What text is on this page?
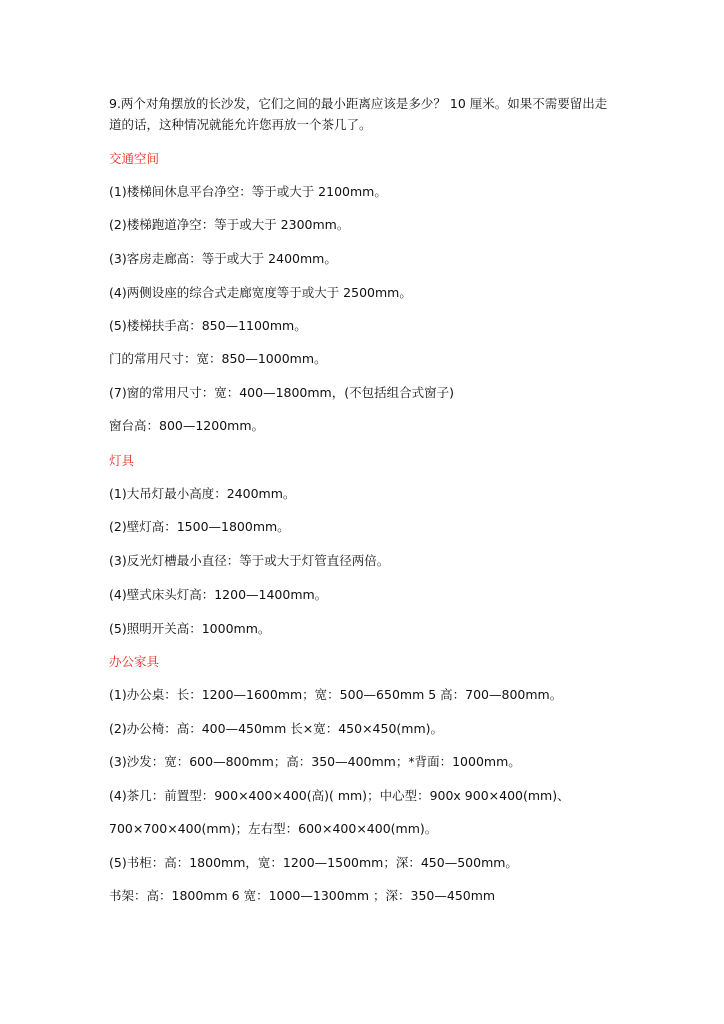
9.两个对角摆放的长沙发，它们之间的最小距离应该是多少？ 10 厘米。如果不需要留出走
道的话，这种情况就能允许您再放一个茶几了。
交通空间
(1)楼梯间休息平台净空：等于或大于 2100mm。
(2)楼梯跑道净空：等于或大于 2300mm。
(3)客房走廊高：等于或大于 2400mm。
(4)两侧设座的综合式走廊宽度等于或大于 2500mm。
(5)楼梯扶手高：850—1100mm。
门的常用尺寸：宽：850—1000mm。
(7)窗的常用尺寸：宽：400—1800mm，(不包括组合式窗子)
窗台高：800—1200mm。
灯具
(1)大吊灯最小高度：2400mm。
(2)壁灯高：1500—1800mm。
(3)反光灯槽最小直径：等于或大于灯管直径两倍。
(4)壁式床头灯高：1200—1400mm。
(5)照明开关高：1000mm。
办公家具
(1)办公桌：长：1200—1600mm；宽：500—650mm 5 高：700—800mm。
(2)办公椅：高：400—450mm 长×宽：450×450(mm)。
(3)沙发：宽：600—800mm；高：350—400mm；*背面：1000mm。
(4)茶几：前置型：900×400×400(高)( mm)；中心型：900x 900×400(mm)、
700×700×400(mm)；左右型：600×400×400(mm)。
(5)书柜：高：1800mm，宽：1200—1500mm；深：450—500mm。
书架：高：1800mm 6 宽：1000—1300mm ；深：350—450mm
